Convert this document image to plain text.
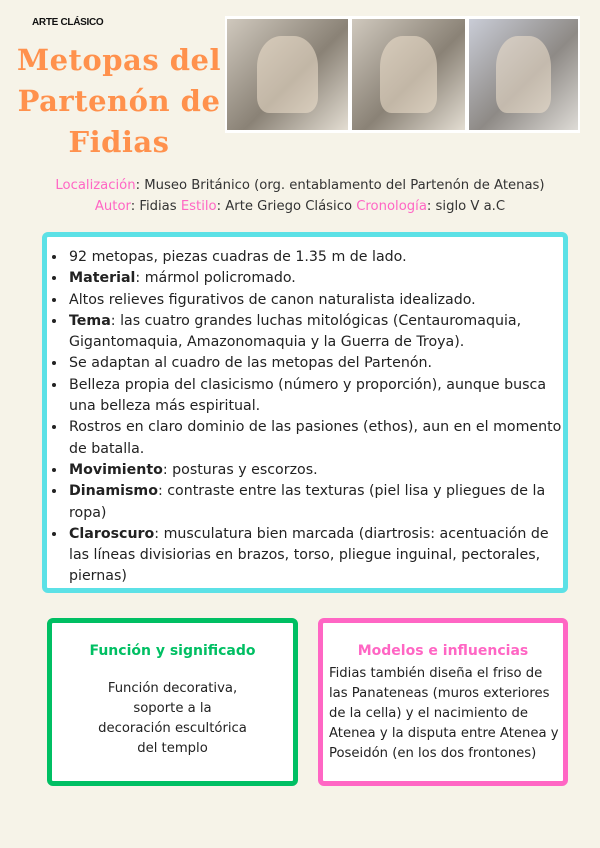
ARTE CLÁSICO
Metopas del Partenón de Fidias
Localización: Museo Británico (org. entablamento del Partenón de Atenas)
Autor: Fidias Estilo: Arte Griego Clásico Cronología: siglo V a.C
• 92 metopas, piezas cuadras de 1.35 m de lado.
• Material: mármol policromado.
• Altos relieves figurativos de canon naturalista idealizado.
• Tema: las cuatro grandes luchas mitológicas (Centauromaquia, Gigantomaquia, Amazonomaquia y la Guerra de Troya).
• Se adaptan al cuadro de las metopas del Partenón.
• Belleza propia del clasicismo (número y proporción), aunque busca una belleza más espiritual.
• Rostros en claro dominio de las pasiones (ethos), aun en el momento de batalla.
• Movimiento: posturas y escorzos.
• Dinamismo: contraste entre las texturas (piel lisa y pliegues de la ropa)
• Claroscuro: musculatura bien marcada (diartrosis: acentuación de las líneas divisiorias en brazos, torso, pliegue inguinal, pectorales, piernas)
Función y significado

Función decorativa, soporte a la decoración escultórica del templo

Modelos e influencias

Fidias también diseña el friso de las Panateneas (muros exteriores de la cella) y el nacimiento de Atenea y la disputa entre Atenea y Poseidón (en los dos frontones)
